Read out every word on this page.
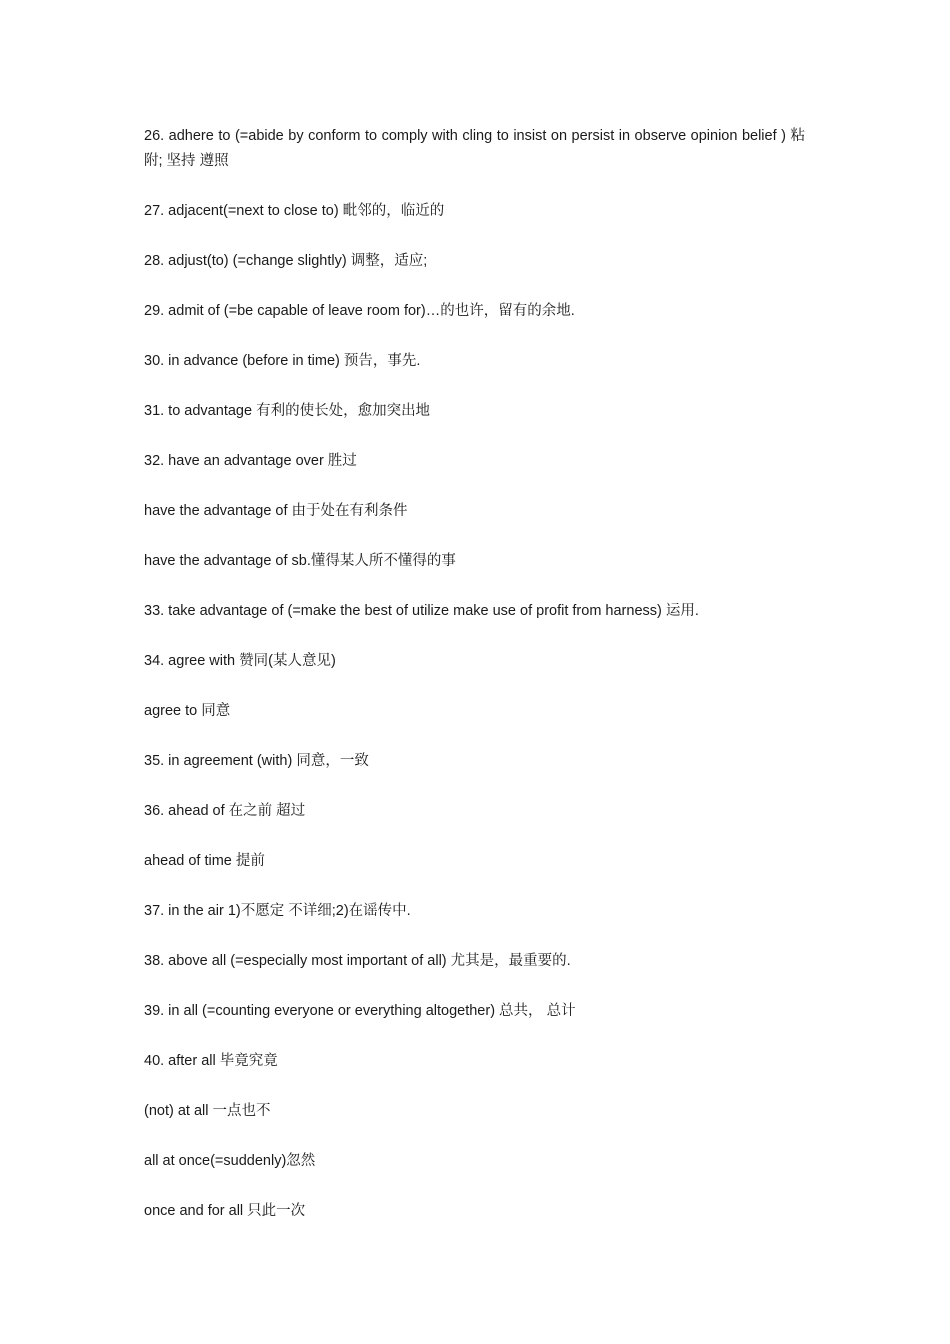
26. adhere to (=abide by conform to comply with cling to insist on persist in observe opinion belief ) 粘附; 坚持 遵照

27. adjacent(=next to close to) 毗邻的，临近的

28. adjust(to) (=change slightly) 调整，适应;

29. admit of (=be capable of leave room for)…的也许，留有的余地.

30. in advance (before in time) 预告，事先.

31. to advantage 有利的使长处，愈加突出地

32. have an advantage over 胜过

have the advantage of 由于处在有利条件

have the advantage of sb.懂得某人所不懂得的事

33. take advantage of (=make the best of utilize make use of profit from harness) 运用.

34. agree with 赞同(某人意见)

agree to 同意

35. in agreement (with) 同意，一致

36. ahead of 在之前 超过

ahead of time 提前

37. in the air 1)不愿定 不详细;2)在谣传中.

38. above all (=especially most important of all) 尤其是，最重要的.

39. in all (=counting everyone or everything altogether) 总共， 总计

40. after all 毕竟究竟

(not) at all 一点也不

all at once(=suddenly)忽然

once and for all 只此一次
